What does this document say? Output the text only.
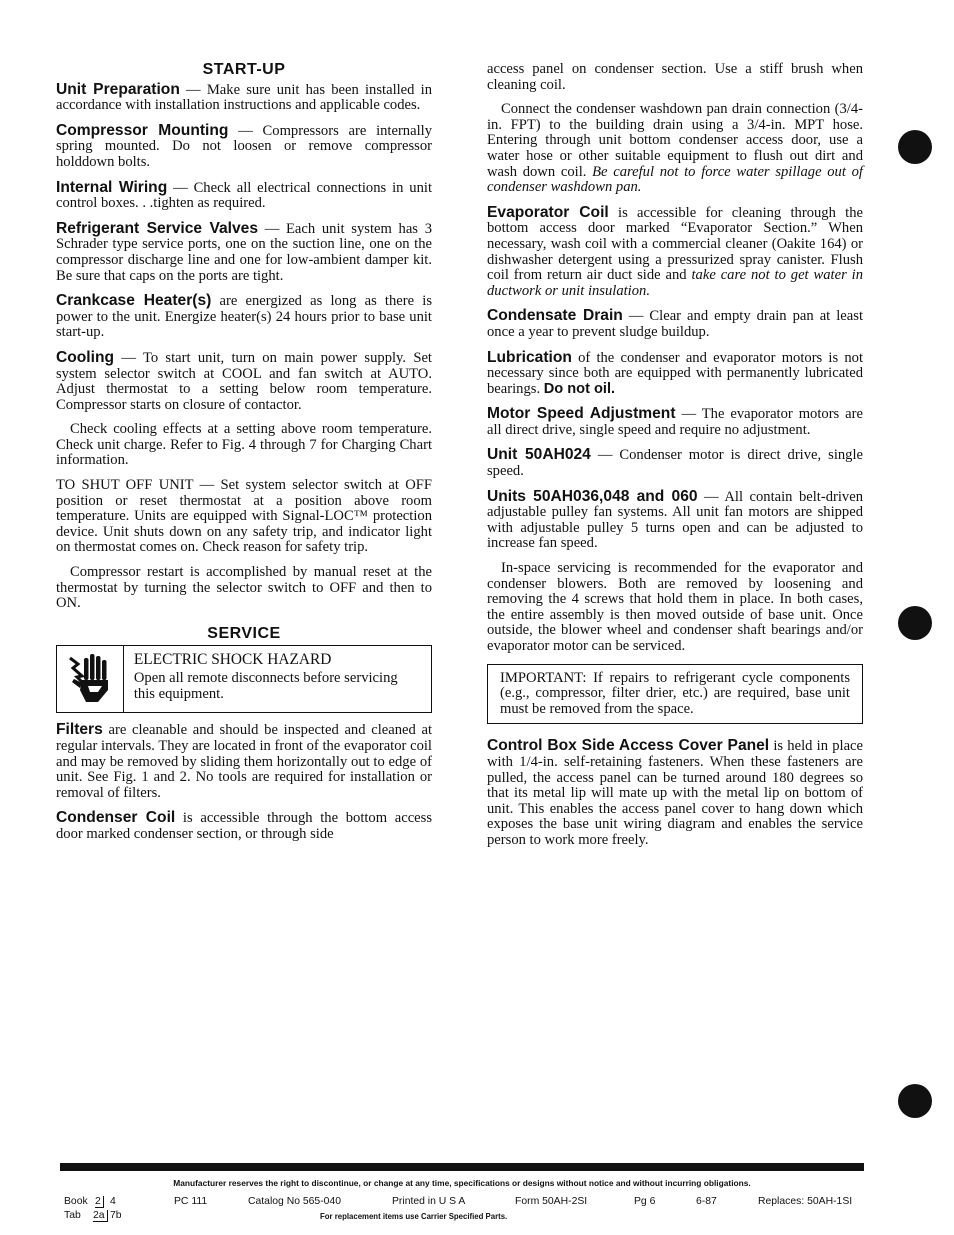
START-UP

Unit Preparation — Make sure unit has been installed in accordance with installation instructions and applicable codes.

Compressor Mounting — Compressors are internally spring mounted. Do not loosen or remove compressor holddown bolts.

Internal Wiring — Check all electrical connections in unit control boxes. . .tighten as required.

Refrigerant Service Valves — Each unit system has 3 Schrader type service ports, one on the suction line, one on the compressor discharge line and one for low-ambient damper kit. Be sure that caps on the ports are tight.

Crankcase Heater(s) are energized as long as there is power to the unit. Energize heater(s) 24 hours prior to base unit start-up.

Cooling — To start unit, turn on main power supply. Set system selector switch at COOL and fan switch at AUTO. Adjust thermostat to a setting below room temperature. Compressor starts on closure of contactor.

Check cooling effects at a setting above room temperature. Check unit charge. Refer to Fig. 4 through 7 for Charging Chart information.

TO SHUT OFF UNIT — Set system selector switch at OFF position or reset thermostat at a position above room temperature. Units are equipped with Signal-LOC™ protection device. Unit shuts down on any safety trip, and indicator light on thermostat comes on. Check reason for safety trip.

Compressor restart is accomplished by manual reset at the thermostat by turning the selector switch to OFF and then to ON.

SERVICE
ELECTRIC SHOCK HAZARD
Open all remote disconnects before servicing this equipment.

Filters are cleanable and should be inspected and cleaned at regular intervals. They are located in front of the evaporator coil and may be removed by sliding them horizontally out to edge of unit. See Fig. 1 and 2. No tools are required for installation or removal of filters.

Condenser Coil is accessible through the bottom access door marked condenser section, or through side

access panel on condenser section. Use a stiff brush when cleaning coil.

Connect the condenser washdown pan drain connection (3/4-in. FPT) to the building drain using a 3/4-in. MPT hose. Entering through unit bottom condenser access door, use a water hose or other suitable equipment to flush out dirt and wash down coil. Be careful not to force water spillage out of condenser washdown pan.

Evaporator Coil is accessible for cleaning through the bottom access door marked “Evaporator Section.” When necessary, wash coil with a commercial cleaner (Oakite 164) or dishwasher detergent using a pressurized spray canister. Flush coil from return air duct side and take care not to get water in ductwork or unit insulation.

Condensate Drain — Clear and empty drain pan at least once a year to prevent sludge buildup.

Lubrication of the condenser and evaporator motors is not necessary since both are equipped with permanently lubricated bearings. Do not oil.

Motor Speed Adjustment — The evaporator motors are all direct drive, single speed and require no adjustment.

Unit 50AH024 — Condenser motor is direct drive, single speed.

Units 50AH036,048 and 060 — All contain belt-driven adjustable pulley fan systems. All unit fan motors are shipped with adjustable pulley 5 turns open and can be adjusted to increase fan speed.

In-space servicing is recommended for the evaporator and condenser blowers. Both are removed by loosening and removing the 4 screws that hold them in place. In both cases, the entire assembly is then moved outside of base unit. Once outside, the blower wheel and condenser shaft bearings and/or evaporator motor can be serviced.

IMPORTANT: If repairs to refrigerant cycle components (e.g., compressor, filter drier, etc.) are required, base unit must be removed from the space.

Control Box Side Access Cover Panel is held in place with 1/4-in. self-retaining fasteners. When these fasteners are pulled, the access panel can be turned around 180 degrees so that its metal lip will mate up with the metal lip on bottom of unit. This enables the access panel cover to hang down which exposes the base unit wiring diagram and enables the service person to work more freely.

Manufacturer reserves the right to discontinue, or change at any time, specifications or designs without notice and without incurring obligations.
Book 2 4	PC 111	Catalog No 565-040	Printed in U S A	Form 50AH-2SI	Pg 6	6-87	Replaces: 50AH-1SI
Tab 2a 7b	For replacement items use Carrier Specified Parts.
